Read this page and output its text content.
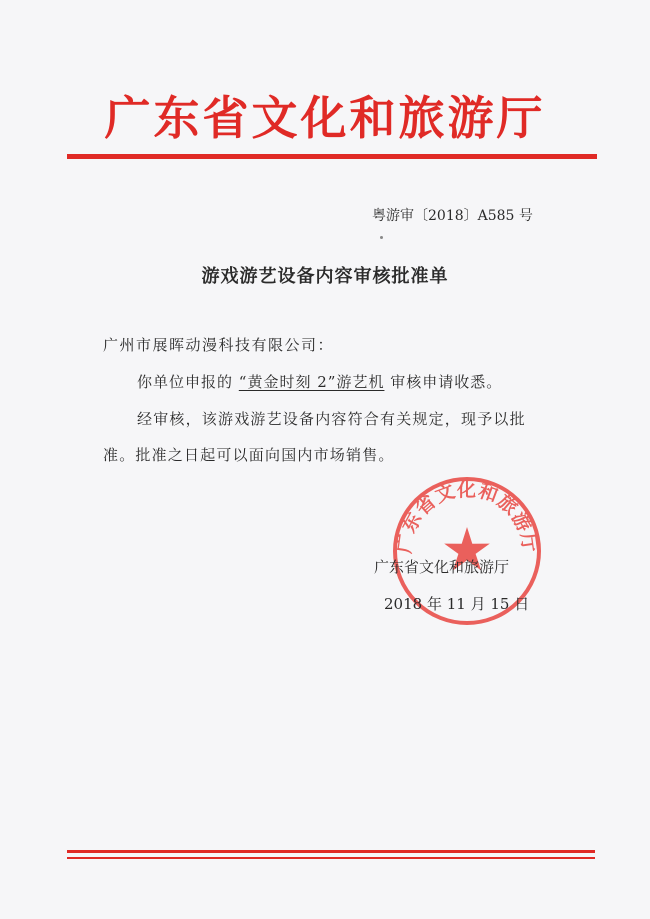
广东省文化和旅游厅
粤游审〔2018〕A585 号
游戏游艺设备内容审核批准单
广州市展晖动漫科技有限公司：
你单位申报的 “黄金时刻 2”游艺机 审核申请收悉。
经审核，该游戏游艺设备内容符合有关规定，现予以批
准。批准之日起可以面向国内市场销售。
广东省文化和旅游厅
广东省文化和旅游厅
2018 年 11 月 15 日
